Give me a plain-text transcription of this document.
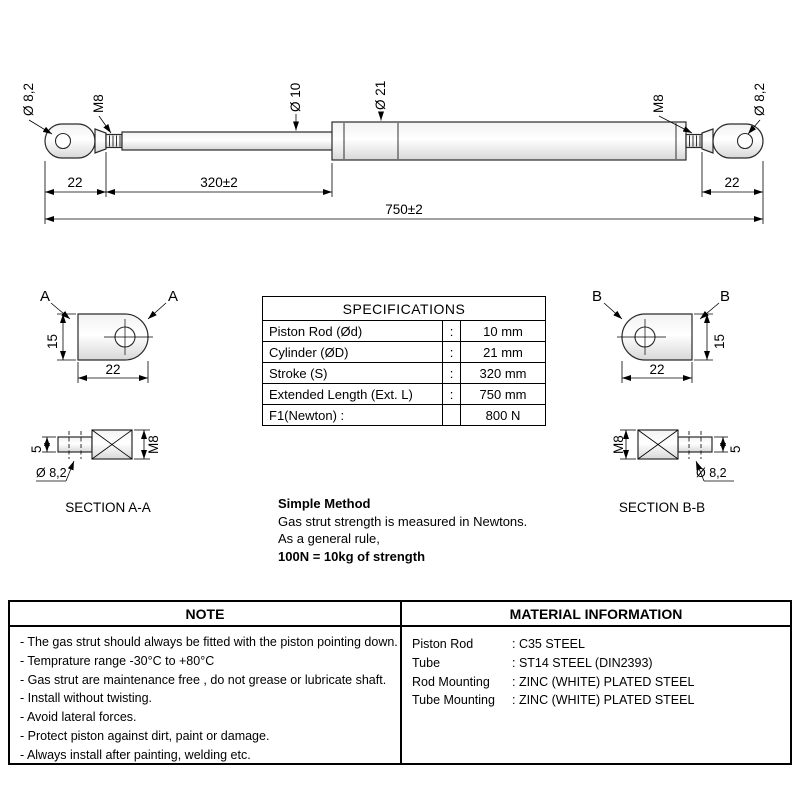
Ø 8,2	M8	Ø 10	Ø 21	M8	Ø 8,2
22	320±2	22
750±2
A	A
15
22
5	M8
Ø 8,2
SECTION A-A
B	B
15
22
5
M8
Ø 8,2
SECTION B-B
SPECIFICATIONS
Piston Rod (Ød)	:	10 mm
Cylinder (ØD)	:	21 mm
Stroke (S)	:	320 mm
Extended Length (Ext. L)	:	750 mm
F1(Newton) :	800 N
Simple Method
Gas strut strength is measured in Newtons.
As a general rule,
100N = 10kg of strength
NOTE
- The gas strut should always be fitted with the piston pointing down.
- Temprature range -30°C to +80°C
- Gas strut are maintenance free , do not grease or lubricate shaft.
- Install without twisting.
- Avoid lateral forces.
- Protect piston against dirt, paint or damage.
- Always install after painting, welding etc.
MATERIAL INFORMATION
Piston Rod	: C35 STEEL
Tube	: ST14 STEEL (DIN2393)
Rod Mounting	: ZINC (WHITE) PLATED STEEL
Tube Mounting	: ZINC (WHITE) PLATED STEEL
